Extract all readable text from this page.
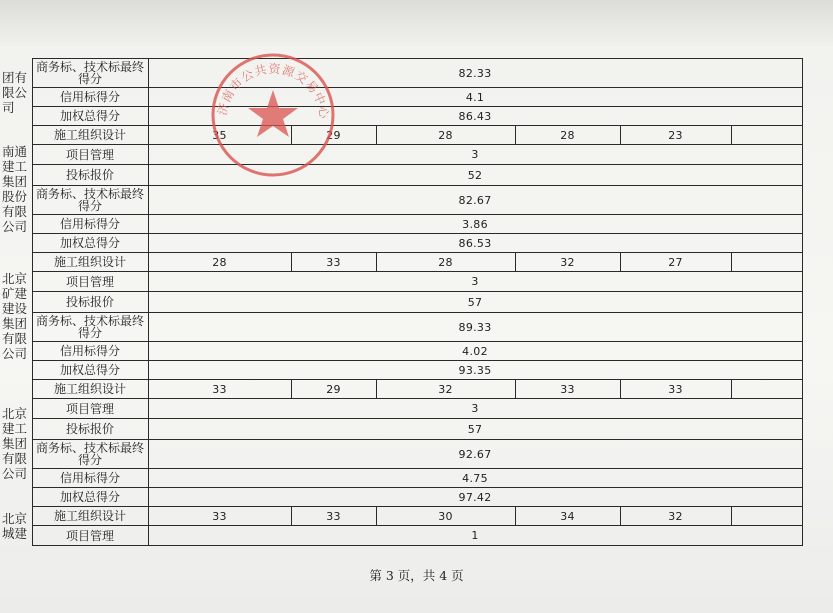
团有限公司	商务标、技术标最终得分	82.33					
	信用标得分	4.1					
	加权总得分	86.43					
南通建工集团股份有限公司	施工组织设计	35	29	28	28	23	
	项目管理	3					
	投标报价	52					
	商务标、技术标最终得分	82.67					
	信用标得分	3.86					
	加权总得分	86.53					
北京矿建建设集团有限公司	施工组织设计	28	33	28	32	27	
	项目管理	3					
	投标报价	57					
	商务标、技术标最终得分	89.33					
	信用标得分	4.02					
	加权总得分	93.35					
北京建工集团有限公司	施工组织设计	33	29	32	33	33	
	项目管理	3					
	投标报价	57					
	商务标、技术标最终得分	92.67					
	信用标得分	4.75					
	加权总得分	97.42					
北京城建	施工组织设计	33	33	30	34	32	
	项目管理	1					
济南市公共资源交易中心
第 3 页，共 4 页
